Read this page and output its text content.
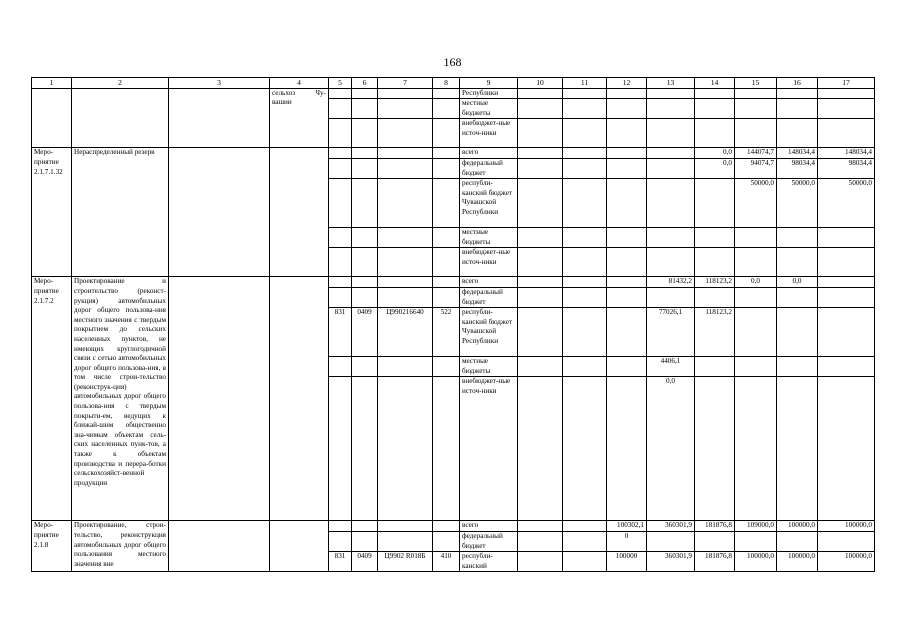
168
1	2	3	4	5	6	7	8	9	10	11	12	13	14	15	16	17
			сельхоз Чу-вашии					Республики								
								местные бюджеты								
								внебюджет-ные источ-ники								
Меро-приятие 2.1.7.1.32	Нераспределенный резерв							всего					0,0	144074,7	148034,4	148034,4
								федеральный бюджет					0,0	94074,7	98034,4	98034,4
								республи-канский бюджет Чувашской Республики						50000,0	50000,0	50000,0
								местные бюджеты								
								внебюджет-ные источ-ники								
Меро-приятие 2.1.7.2	Проектирование и строительство (реконст-рукция) автомобильных дорог общего пользова-ния местного значения с твердым покрытием до сельских населенных пунктов, не имеющих круглогодичной связи с сетью автомобильных дорог общего пользова-ния, в том числе строи-тельство (реконструк-ция) автомобильных дорог общего пользова-ния с твердым покрыти-ем, ведущих к ближай-шим общественно зна-чимым объектам сель-ских населенных пунк-тов, а также к объектам производства и перера-ботки сельскохозяйст-венной продукции							всего				81432,2	118123,2	0,0	0,0	
								федеральный бюджет								
				831	0409	Ц990216640	522	республи-канский бюджет Чувашской Республики				77026,1	118123,2			
								местные бюджеты				4406,1				
								внебюджет-ные источ-ники				0,0				
Меро-приятие 2.1.8	Проектирование, строи-тельство, реконструкция автомобильных дорог общего пользования местного значения вне							всего			100302,1	360301,9	181876,8	109000,0	100000,0	100000,0
								федеральный бюджет			0					
				831	0409	Ц9902 R018Б	410	республи-канский			100000	360301,9	181876,8	100000,0	100000,0	100000,0
